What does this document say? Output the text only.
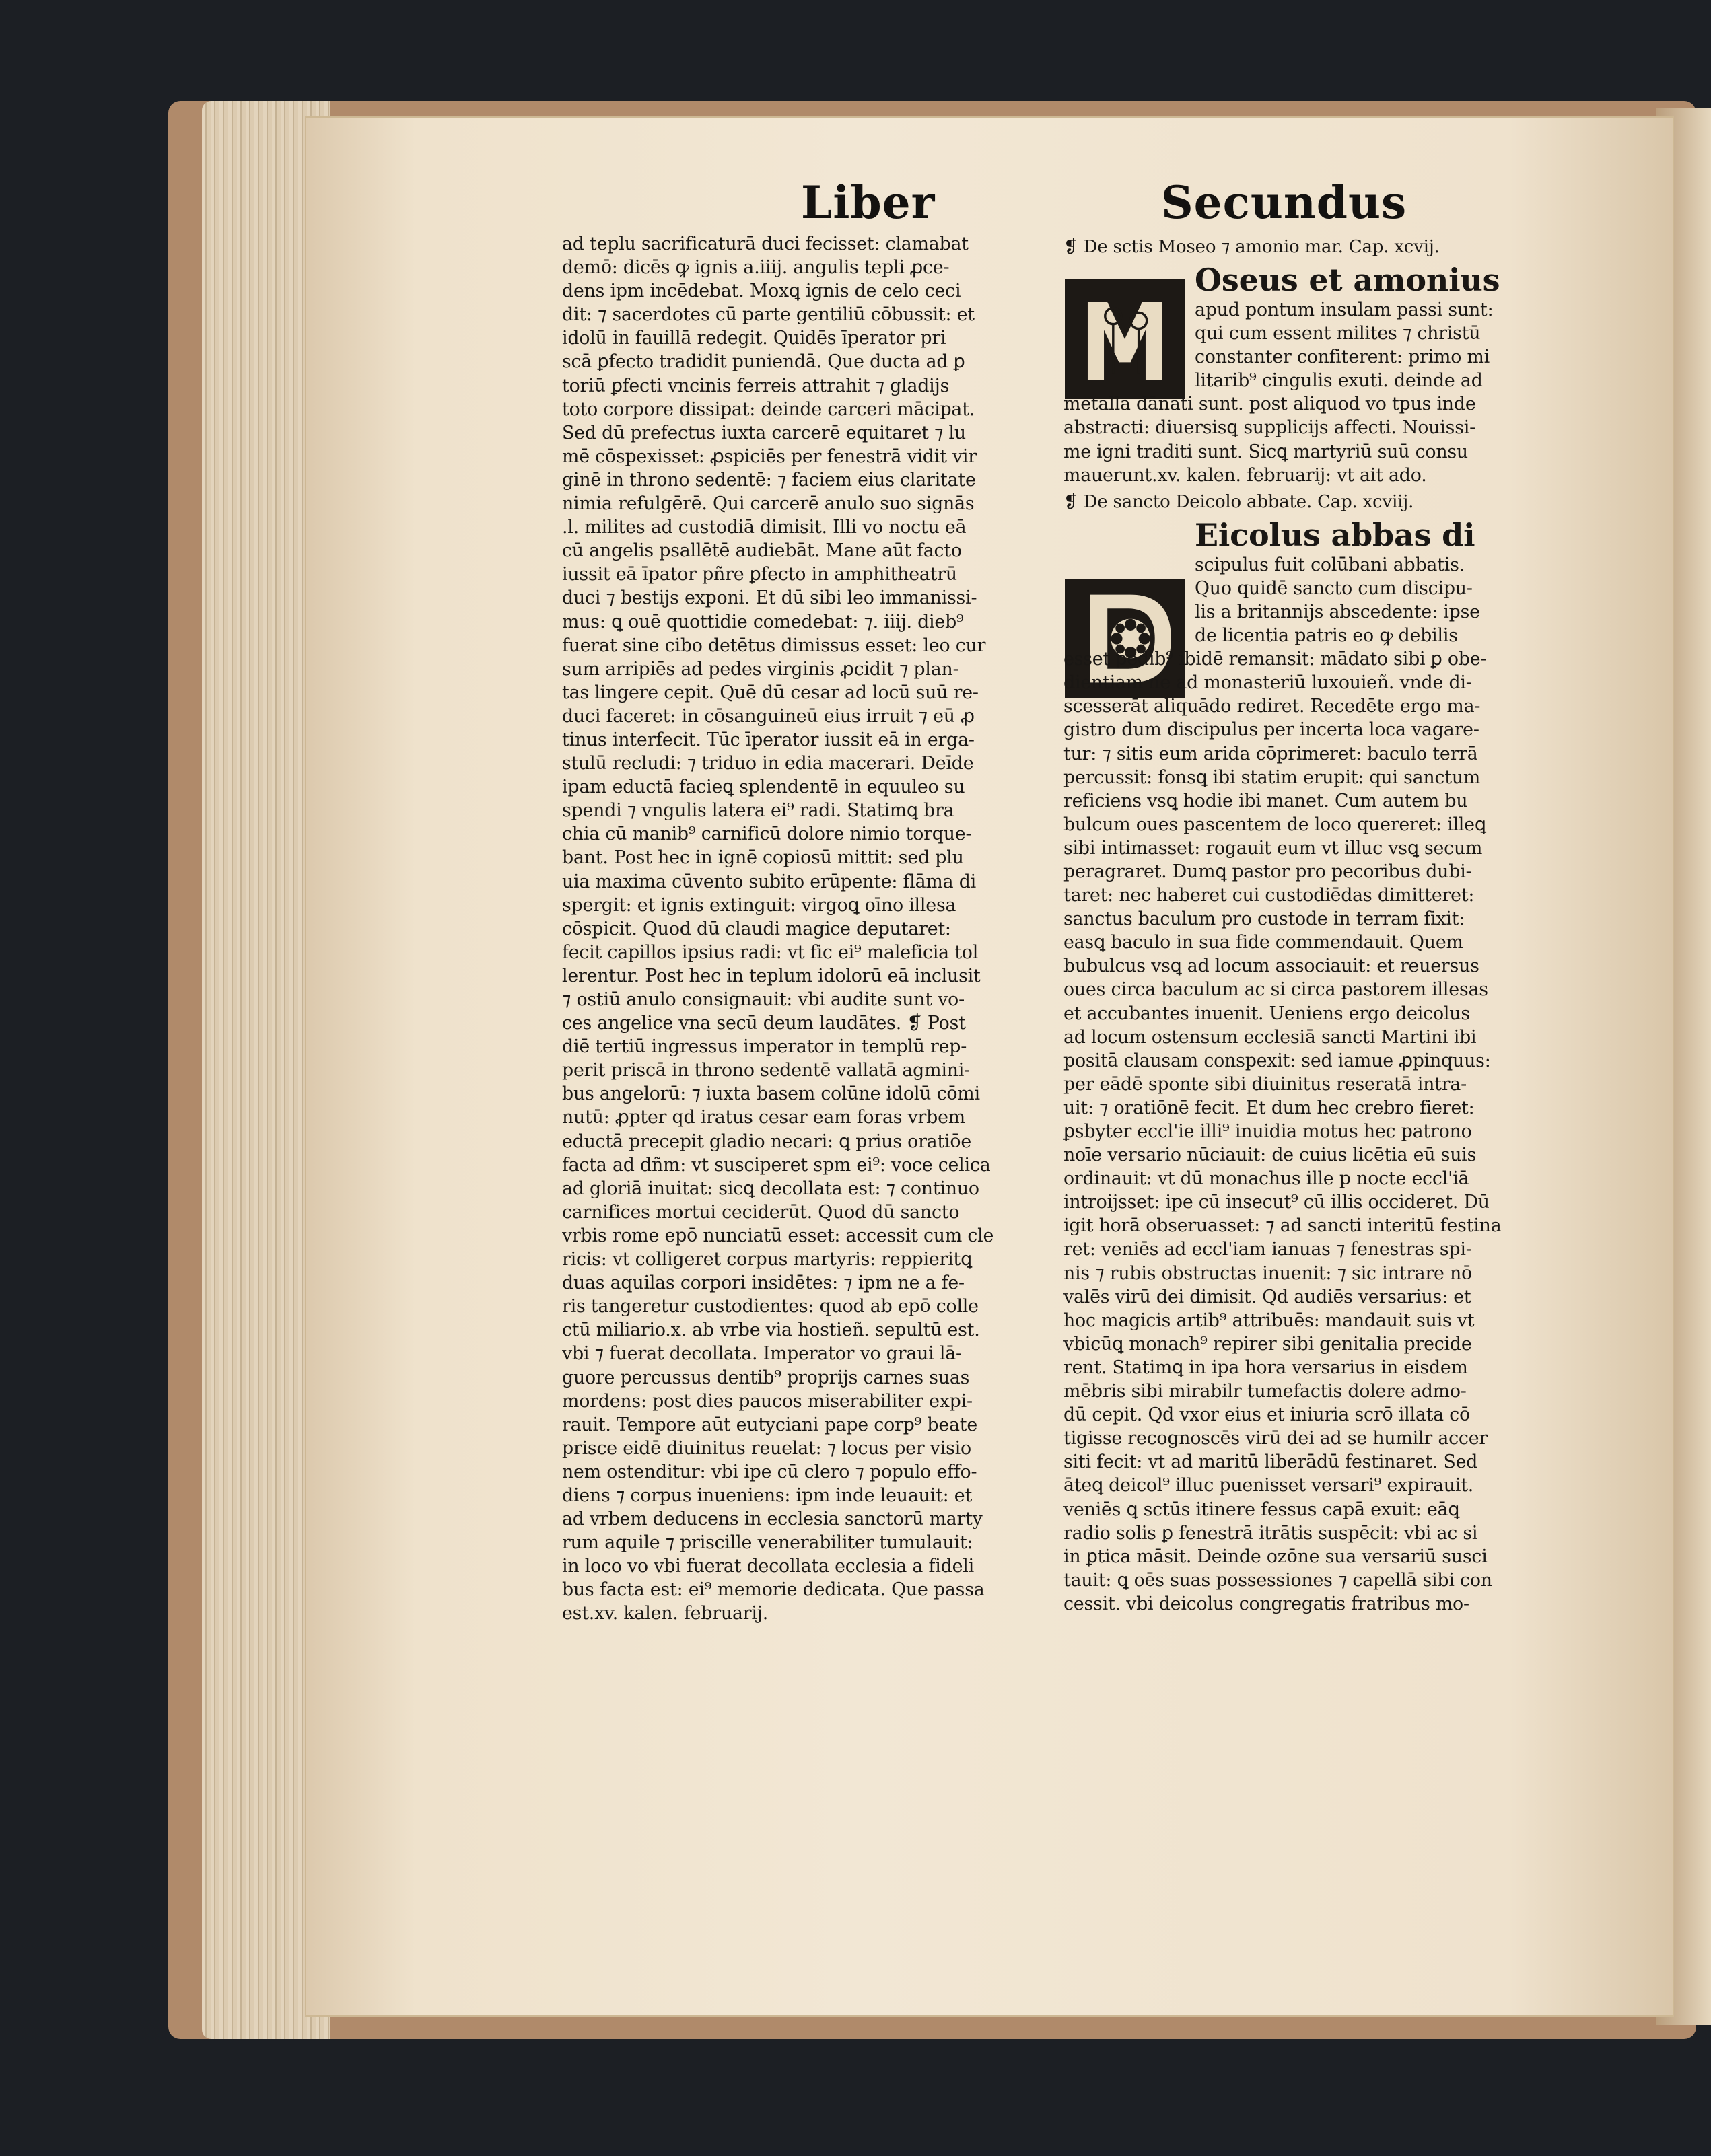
Liber	Secundus
ad teplu sacrificaturā duci fecisset: clamabat
demō: dicēs ꝙ ignis a.iiij. angulis tepli ꝓce-
dens ipm incēdebat. Moxꝗ ignis de celo ceci
dit: ⁊ sacerdotes cū parte gentiliū cōbussit: et
idolū in fauillā redegit. Quidēs īperator pri
scā ꝑfecto tradidit puniendā. Que ducta ad ꝑ
toriū ꝑfecti vncinis ferreis attrahit ⁊ gladijs
toto corpore dissipat: deinde carceri mācipat.
Sed dū prefectus iuxta carcerē equitaret ⁊ lu
mē cōspexisset: ꝓspiciēs per fenestrā vidit vir
ginē in throno sedentē: ⁊ faciem eius claritate
nimia refulgērē. Qui carcerē anulo suo signās
.l. milites ad custodiā dimisit. Illi vo noctu eā
cū angelis psallētē audiebāt. Mane aūt facto
iussit eā īpator pñre ꝑfecto in amphitheatrū
duci ⁊ bestijs exponi. Et dū sibi leo immanissi-
mus: ꝗ ouē quottidie comedebat: ⁊. iiij. dieb⁹
fuerat sine cibo detētus dimissus esset: leo cur
sum arripiēs ad pedes virginis ꝓcidit ⁊ plan-
tas lingere cepit. Quē dū cesar ad locū suū re-
duci faceret: in cōsanguineū eius irruit ⁊ eū ꝓ
tinus interfecit. Tūc īperator iussit eā in erga-
stulū recludi: ⁊ triduo in edia macerari. Deīde
ipam eductā facieꝗ splendentē in equuleo su
spendi ⁊ vngulis latera ei⁹ radi. Statimꝗ bra
chia cū manib⁹ carnificū dolore nimio torque-
bant. Post hec in ignē copiosū mittit: sed plu
uia maxima cūvento subito erūpente: flāma di
spergit: et ignis extinguit: virgoꝗ oīno illesa
cōspicit. Quod dū claudi magice deputaret:
fecit capillos ipsius radi: vt fic ei⁹ maleficia tol
lerentur. Post hec in teplum idolorū eā inclusit
⁊ ostiū anulo consignauit: vbi audite sunt vo-
ces angelice vna secū deum laudātes. ❡ Post
diē tertiū ingressus imperator in templū rep-
perit priscā in throno sedentē vallatā agmini-
bus angelorū: ⁊ iuxta basem colūne idolū cōmi
nutū: ꝓpter qd iratus cesar eam foras vrbem
eductā precepit gladio necari: ꝗ prius oratiōe
facta ad dñm: vt susciperet spm ei⁹: voce celica
ad gloriā inuitat: sicꝗ decollata est: ⁊ continuo
carnifices mortui ceciderūt. Quod dū sancto
vrbis rome epō nunciatū esset: accessit cum cle
ricis: vt colligeret corpus martyris: reppieritꝗ
duas aquilas corpori insidētes: ⁊ ipm ne a fe-
ris tangeretur custodientes: quod ab epō colle
ctū miliario.x. ab vrbe via hostieñ. sepultū est.
vbi ⁊ fuerat decollata. Imperator vo graui lā-
guore percussus dentib⁹ proprijs carnes suas
mordens: post dies paucos miserabiliter expi-
rauit. Tempore aūt eutyciani pape corp⁹ beate
prisce eidē diuinitus reuelat: ⁊ locus per visio
nem ostenditur: vbi ipe cū clero ⁊ populo effo-
diens ⁊ corpus inueniens: ipm inde leuauit: et
ad vrbem deducens in ecclesia sanctorū marty
rum aquile ⁊ priscille venerabiliter tumulauit:
in loco vo vbi fuerat decollata ecclesia a fideli
bus facta est: ei⁹ memorie dedicata. Que passa
est.xv. kalen. februarij.
❡ De sctis Moseo ⁊ amonio mar. Cap. xcvij.
Oseus et amonius
apud pontum insulam passi sunt:
qui cum essent milites ⁊ christū
constanter confiterent: primo mi
litarib⁹ cingulis exuti. deinde ad
metalla dānati sunt. post aliquod vo tpus inde
abstracti: diuersisꝗ supplicijs affecti. Nouissi-
me igni traditi sunt. Sicꝗ martyriū suū consu
mauerunt.xv. kalen. februarij: vt ait ado.
❡ De sancto Deicolo abbate. Cap. xcviij.
Eicolus abbas di
scipulus fuit colūbani abbatis.
Quo quidē sancto cum discipu-
lis a britannijs abscedente: ipse
de licentia patris eo ꝙ debilis
esset pedib⁹ ibidē remansit: mādato sibi ꝑ obe-
dientiam ne ad monasteriū luxouieñ. vnde di-
scesserāt aliquādo rediret. Recedēte ergo ma-
gistro dum discipulus per incerta loca vagare-
tur: ⁊ sitis eum arida cōprimeret: baculo terrā
percussit: fonsꝗ ibi statim erupit: qui sanctum
reficiens vsꝗ hodie ibi manet. Cum autem bu
bulcum oues pascentem de loco quereret: illeꝗ
sibi intimasset: rogauit eum vt illuc vsꝗ secum
peragraret. Dumꝗ pastor pro pecoribus dubi-
taret: nec haberet cui custodiēdas dimitteret:
sanctus baculum pro custode in terram fixit:
easꝗ baculo in sua fide commendauit. Quem
bubulcus vsꝗ ad locum associauit: et reuersus
oues circa baculum ac si circa pastorem illesas
et accubantes inuenit. Ueniens ergo deicolus
ad locum ostensum ecclesiā sancti Martini ibi
positā clausam conspexit: sed iamue ꝓpinquus:
per eādē sponte sibi diuinitus reseratā intra-
uit: ⁊ oratiōnē fecit. Et dum hec crebro fieret:
ꝑsbyter eccl'ie illi⁹ inuidia motus hec patrono
noīe versario nūciauit: de cuius licētia eū suis
ordinauit: vt dū monachus ille p nocte eccl'iā
introijsset: ipe cū insecut⁹ cū illis occideret. Dū
igit horā obseruasset: ⁊ ad sancti interitū festina
ret: veniēs ad eccl'iam ianuas ⁊ fenestras spi-
nis ⁊ rubis obstructas inuenit: ⁊ sic intrare nō
valēs virū dei dimisit. Qd audiēs versarius: et
hoc magicis artib⁹ attribuēs: mandauit suis vt
vbicūꝗ monach⁹ repirer sibi genitalia precide
rent. Statimꝗ in ipa hora versarius in eisdem
mēbris sibi mirabilr tumefactis dolere admo-
dū cepit. Qd vxor eius et iniuria scrō illata cō
tigisse recognoscēs virū dei ad se humilr accer
siti fecit: vt ad maritū liberādū festinaret. Sed
āteꝗ deicol⁹ illuc puenisset versari⁹ expirauit.
veniēs ꝗ sctūs itinere fessus capā exuit: eāꝗ
radio solis ꝑ fenestrā itrātis suspēcit: vbi ac si
in ꝑtica māsit. Deinde ozōne sua versariū susci
tauit: ꝗ oēs suas possessiones ⁊ capellā sibi con
cessit. vbi deicolus congregatis fratribus mo-
